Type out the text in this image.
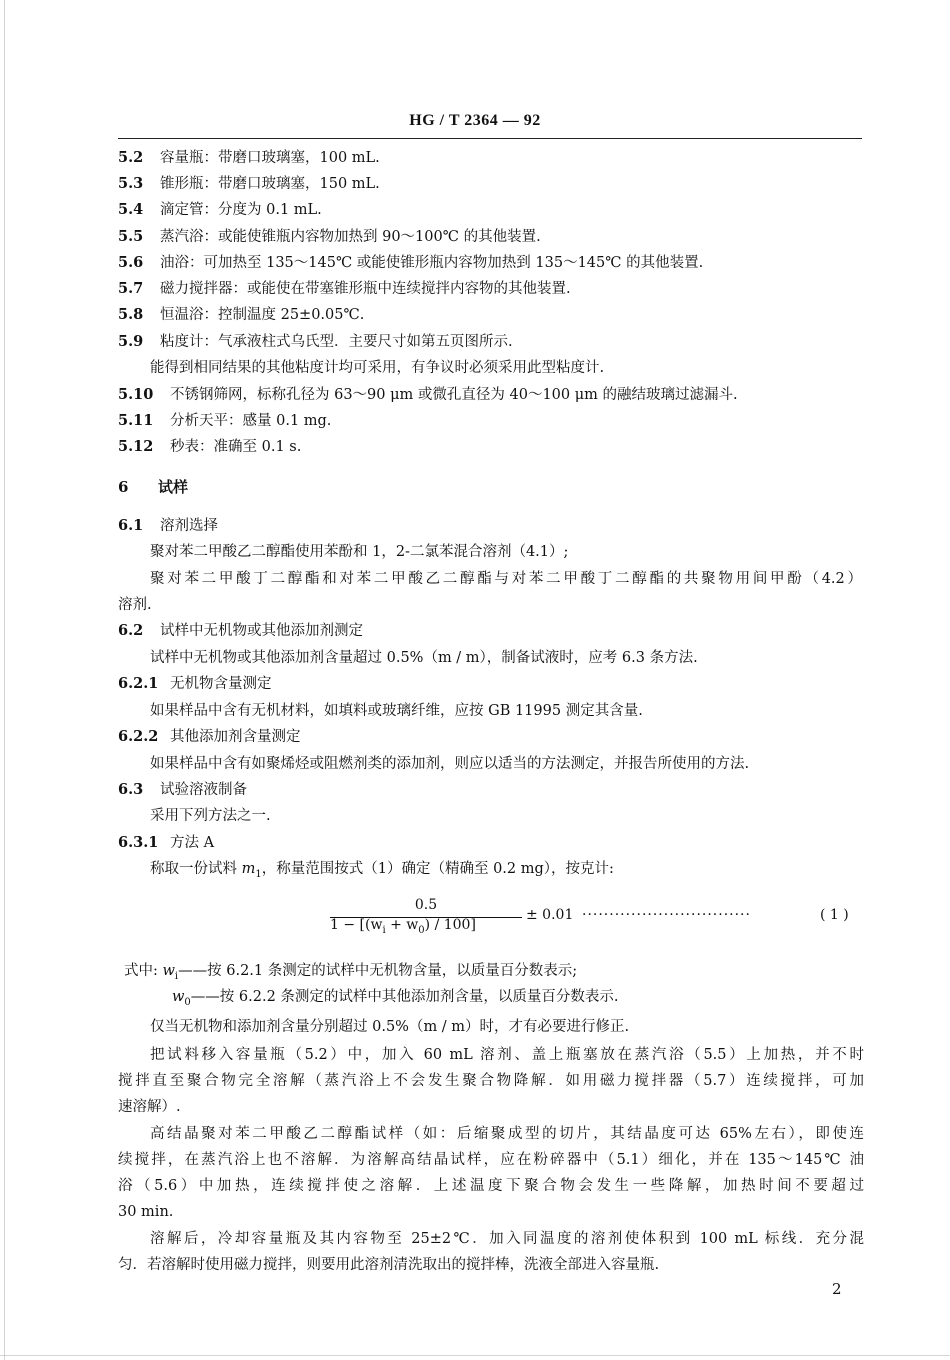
HG / T 2364 — 92
5.2 容量瓶：带磨口玻璃塞，100 mL.
5.3 锥形瓶：带磨口玻璃塞，150 mL.
5.4 滴定管：分度为 0.1 mL.
5.5 蒸汽浴：或能使锥瓶内容物加热到 90～100℃ 的其他装置.
5.6 油浴：可加热至 135～145℃ 或能使锥形瓶内容物加热到 135～145℃ 的其他装置.
5.7 磁力搅拌器：或能使在带塞锥形瓶中连续搅拌内容物的其他装置.
5.8 恒温浴：控制温度 25±0.05℃.
5.9 粘度计：气承液柱式乌氏型．主要尺寸如第五页图所示.
能得到相同结果的其他粘度计均可采用，有争议时必须采用此型粘度计.
5.10 不锈钢筛网，标称孔径为 63～90 μm 或微孔直径为 40～100 μm 的融结玻璃过滤漏斗.
5.11 分析天平：感量 0.1 mg.
5.12 秒表：准确至 0.1 s.
6 试样
6.1 溶剂选择
聚对苯二甲酸乙二醇酯使用苯酚和 1，2-二氯苯混合溶剂（4.1）;
聚对苯二甲酸丁二醇酯和对苯二甲酸乙二醇酯与对苯二甲酸丁二醇酯的共聚物用间甲酚（4.2）
溶剂.
6.2 试样中无机物或其他添加剂测定
试样中无机物或其他添加剂含量超过 0.5%（m / m），制备试液时，应考 6.3 条方法.
6.2.1 无机物含量测定
如果样品中含有无机材料，如填料或玻璃纤维，应按 GB 11995 测定其含量.
6.2.2 其他添加剂含量测定
如果样品中含有如聚烯烃或阻燃剂类的添加剂，则应以适当的方法测定，并报告所使用的方法.
6.3 试验溶液制备
采用下列方法之一.
6.3.1 方法 A
称取一份试料 $m_1$，称量范围按式（1）确定（精确至 0.2 mg），按克计:
0.5
$1 - [(w_i + w_0) / 100]$
± 0.01 ·······························	( 1 )
式中: $w_i——$按 6.2.1 条测定的试样中无机物含量，以质量百分数表示;
$w_0——$按 6.2.2 条测定的试样中其他添加剂含量，以质量百分数表示.
仅当无机物和添加剂含量分别超过 0.5%（m / m）时，才有必要进行修正.
把试料移入容量瓶（5.2）中，加入 60 mL 溶剂、盖上瓶塞放在蒸汽浴（5.5）上加热，并不时
搅拌直至聚合物完全溶解（蒸汽浴上不会发生聚合物降解．如用磁力搅拌器（5.7）连续搅拌，可加
速溶解）.
高结晶聚对苯二甲酸乙二醇酯试样（如：后缩聚成型的切片，其结晶度可达 65%左右），即使连
续搅拌，在蒸汽浴上也不溶解．为溶解高结晶试样，应在粉碎器中（5.1）细化，并在 135～145℃ 油
浴（5.6）中加热，连续搅拌使之溶解．上述温度下聚合物会发生一些降解，加热时间不要超过
30 min.
溶解后，冷却容量瓶及其内容物至 25±2℃．加入同温度的溶剂使体积到 100 mL 标线．充分混
匀．若溶解时使用磁力搅拌，则要用此溶剂清洗取出的搅拌棒，洗液全部进入容量瓶.
2
